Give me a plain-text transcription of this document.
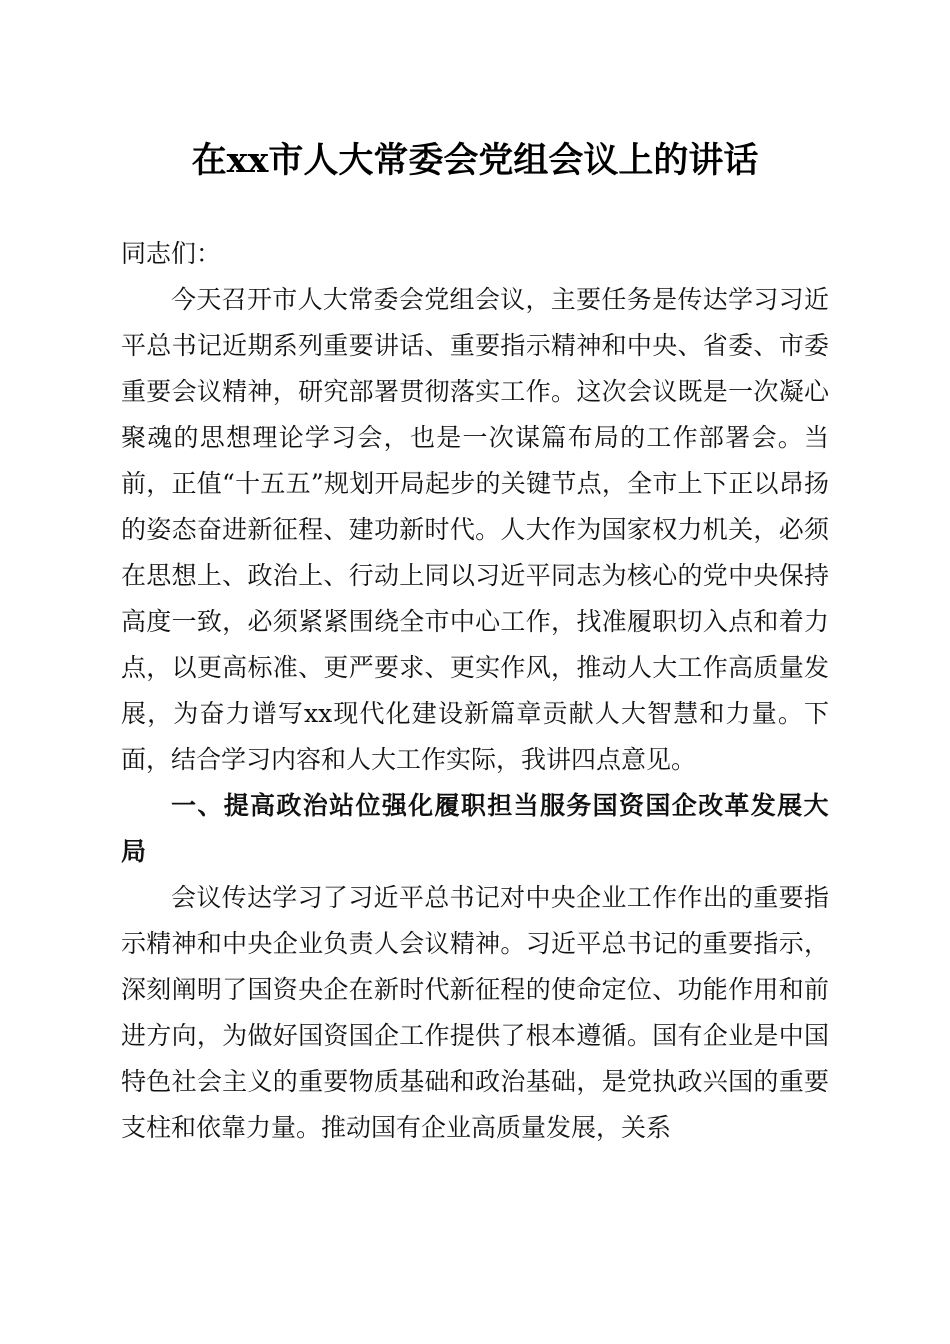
在xx市人大常委会党组会议上的讲话

同志们：

今天召开市人大常委会党组会议，主要任务是传达学习习近平总书记近期系列重要讲话、重要指示精神和中央、省委、市委重要会议精神，研究部署贯彻落实工作。这次会议既是一次凝心聚魂的思想理论学习会，也是一次谋篇布局的工作部署会。当前，正值“十五五”规划开局起步的关键节点，全市上下正以昂扬的姿态奋进新征程、建功新时代。人大作为国家权力机关，必须在思想上、政治上、行动上同以习近平同志为核心的党中央保持高度一致，必须紧紧围绕全市中心工作，找准履职切入点和着力点，以更高标准、更严要求、更实作风，推动人大工作高质量发展，为奋力谱写xx现代化建设新篇章贡献人大智慧和力量。下面，结合学习内容和人大工作实际，我讲四点意见。

一、提高政治站位强化履职担当服务国资国企改革发展大局

会议传达学习了习近平总书记对中央企业工作作出的重要指示精神和中央企业负责人会议精神。习近平总书记的重要指示，深刻阐明了国资央企在新时代新征程的使命定位、功能作用和前进方向，为做好国资国企工作提供了根本遵循。国有企业是中国特色社会主义的重要物质基础和政治基础，是党执政兴国的重要支柱和依靠力量。推动国有企业高质量发展，关系
